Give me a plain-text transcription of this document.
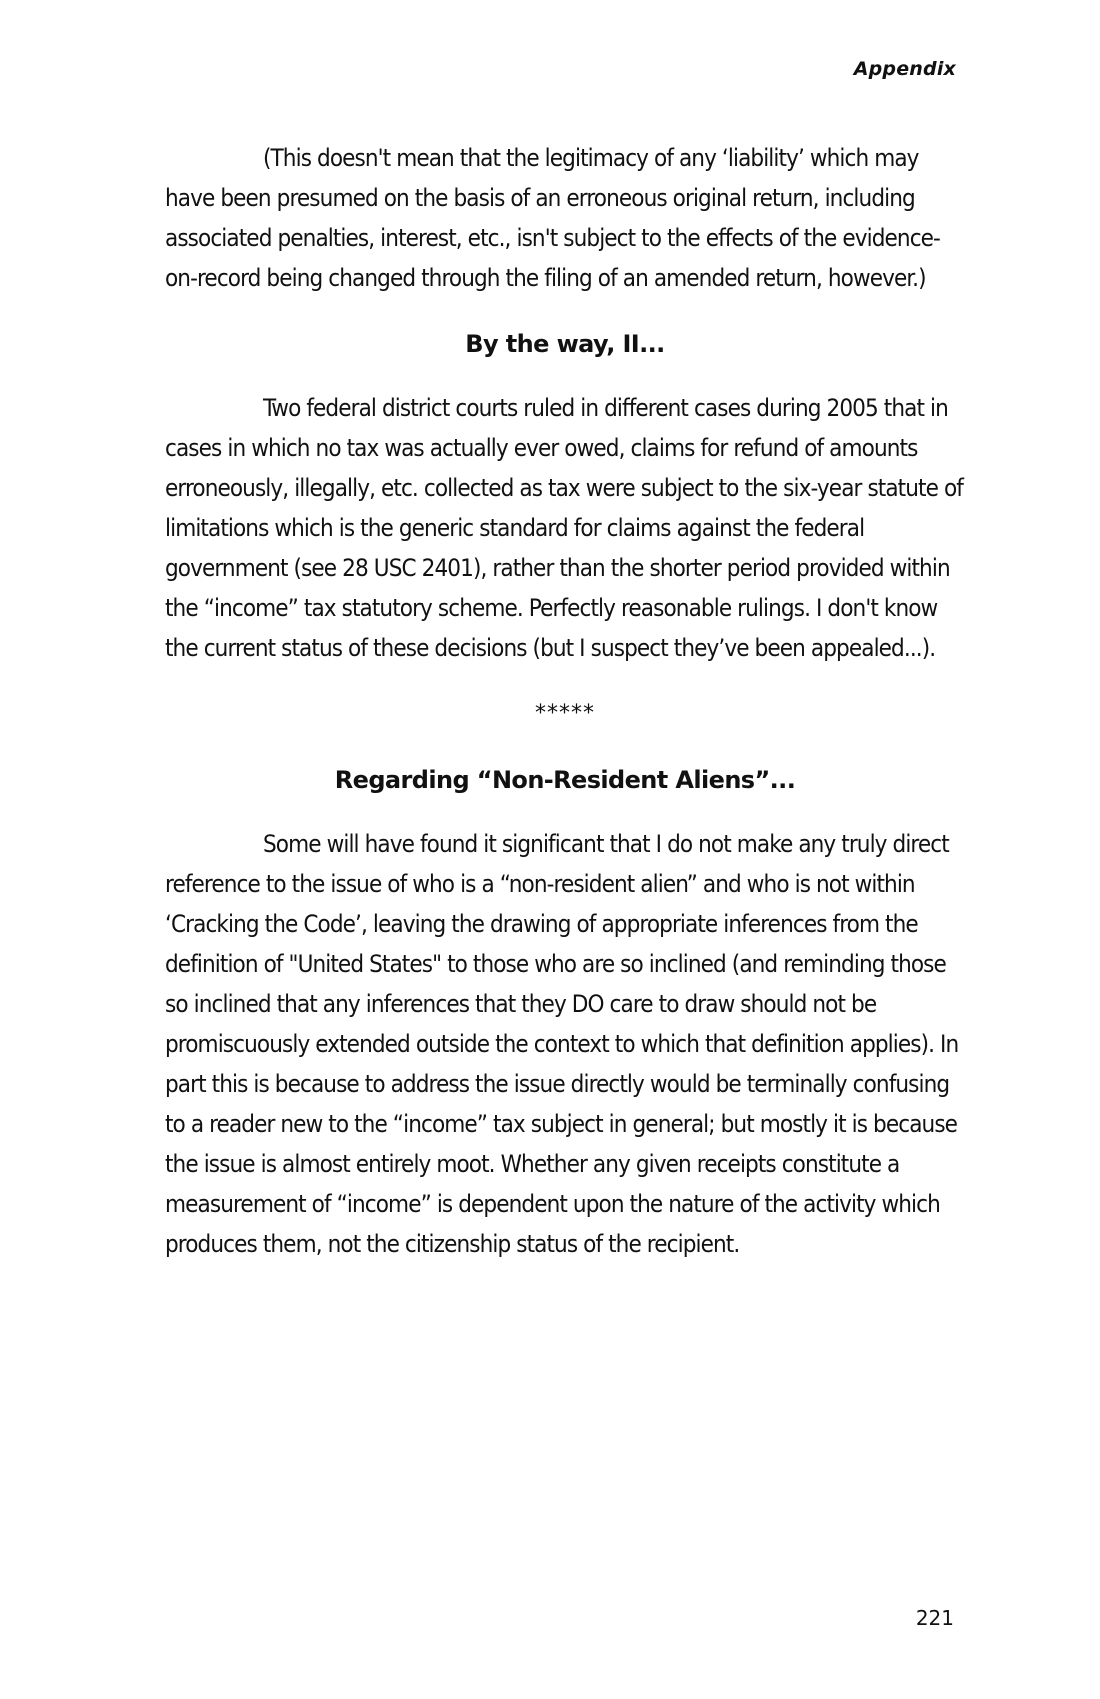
Appendix

(This doesn't mean that the legitimacy of any ‘liability’ which may have been presumed on the basis of an erroneous original return, including associated penalties, interest, etc., isn't subject to the effects of the evidence-on-record being changed through the filing of an amended return, however.)

By the way, II...

Two federal district courts ruled in different cases during 2005 that in cases in which no tax was actually ever owed, claims for refund of amounts erroneously, illegally, etc. collected as tax were subject to the six-year statute of limitations which is the generic standard for claims against the federal government (see 28 USC 2401), rather than the shorter period provided within the “income” tax statutory scheme. Perfectly reasonable rulings. I don't know the current status of these decisions (but I suspect they’ve been appealed...).

*****
Regarding “Non-Resident Aliens”...

Some will have found it significant that I do not make any truly direct reference to the issue of who is a “non-resident alien” and who is not within ‘Cracking the Code’, leaving the drawing of appropriate inferences from the definition of "United States" to those who are so inclined (and reminding those so inclined that any inferences that they DO care to draw should not be promiscuously extended outside the context to which that definition applies). In part this is because to address the issue directly would be terminally confusing to a reader new to the “income” tax subject in general; but mostly it is because the issue is almost entirely moot. Whether any given receipts constitute a measurement of “income” is dependent upon the nature of the activity which produces them, not the citizenship status of the recipient.

221
